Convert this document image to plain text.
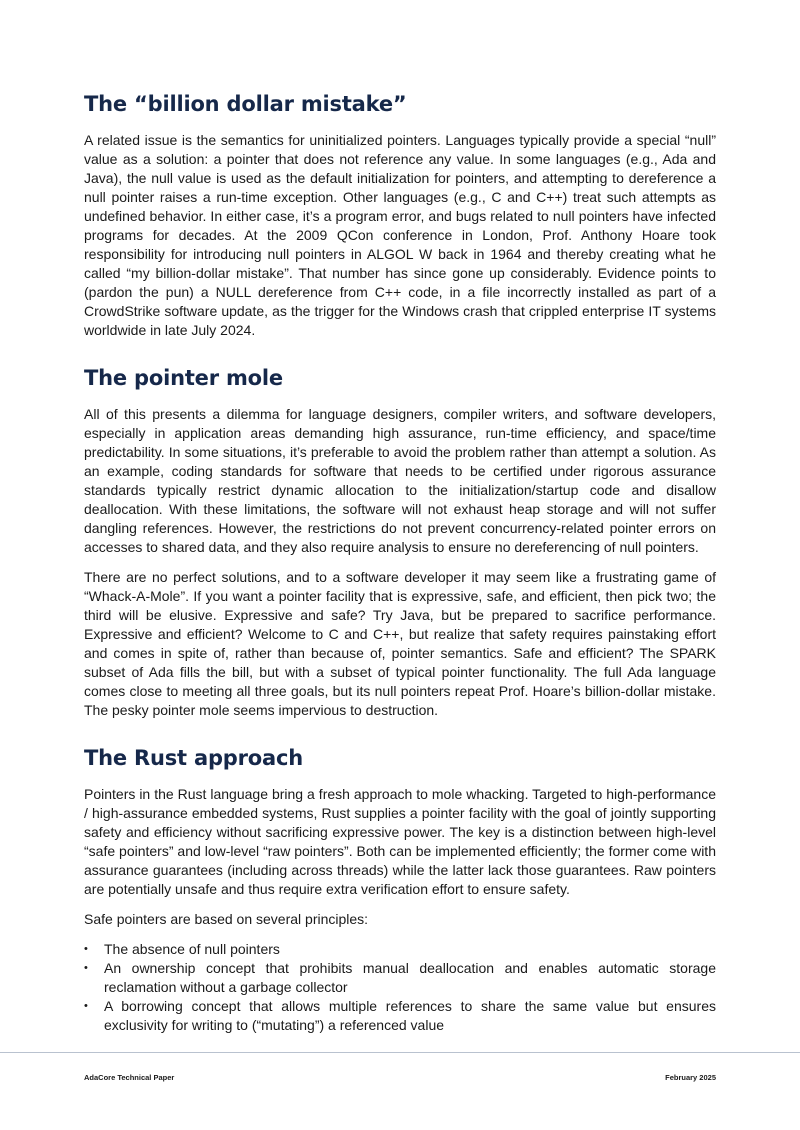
The “billion dollar mistake”

A related issue is the semantics for uninitialized pointers. Languages typically provide a special “null” value as a solution: a pointer that does not reference any value. In some languages (e.g., Ada and Java), the null value is used as the default initialization for pointers, and attempting to dereference a null pointer raises a run-time exception. Other languages (e.g., C and C++) treat such attempts as undefined behavior. In either case, it’s a program error, and bugs related to null pointers have infected programs for decades. At the 2009 QCon conference in London, Prof. Anthony Hoare took responsibility for introducing null pointers in ALGOL W back in 1964 and thereby creating what he called “my billion-dollar mistake”. That number has since gone up considerably. Evidence points to (pardon the pun) a NULL dereference from C++ code, in a file incorrectly installed as part of a CrowdStrike software update, as the trigger for the Windows crash that crippled enterprise IT systems worldwide in late July 2024.

The pointer mole

All of this presents a dilemma for language designers, compiler writers, and software developers, especially in application areas demanding high assurance, run-time efficiency, and space/time predictability. In some situations, it’s preferable to avoid the problem rather than attempt a solution. As an example, coding standards for software that needs to be certified under rigorous assurance standards typically restrict dynamic allocation to the initialization/startup code and disallow deallocation. With these limitations, the software will not exhaust heap storage and will not suffer dangling references. However, the restrictions do not prevent concurrency-related pointer errors on accesses to shared data, and they also require analysis to ensure no dereferencing of null pointers.

There are no perfect solutions, and to a software developer it may seem like a frustrating game of “Whack-A-Mole”. If you want a pointer facility that is expressive, safe, and efficient, then pick two; the third will be elusive. Expressive and safe? Try Java, but be prepared to sacrifice performance. Expressive and efficient? Welcome to C and C++, but realize that safety requires painstaking effort and comes in spite of, rather than because of, pointer semantics. Safe and efficient? The SPARK subset of Ada fills the bill, but with a subset of typical pointer functionality. The full Ada language comes close to meeting all three goals, but its null pointers repeat Prof. Hoare’s billion-dollar mistake. The pesky pointer mole seems impervious to destruction.

The Rust approach

Pointers in the Rust language bring a fresh approach to mole whacking. Targeted to high-performance / high-assurance embedded systems, Rust supplies a pointer facility with the goal of jointly supporting safety and efficiency without sacrificing expressive power. The key is a distinction between high-level “safe pointers” and low-level “raw pointers”. Both can be implemented efficiently; the former come with assurance guarantees (including across threads) while the latter lack those guarantees. Raw pointers are potentially unsafe and thus require extra verification effort to ensure safety.

Safe pointers are based on several principles:

• The absence of null pointers
• An ownership concept that prohibits manual deallocation and enables automatic storage reclamation without a garbage collector
• A borrowing concept that allows multiple references to share the same value but ensures exclusivity for writing to (“mutating”) a referenced value
AdaCore Technical Paper	February 2025
